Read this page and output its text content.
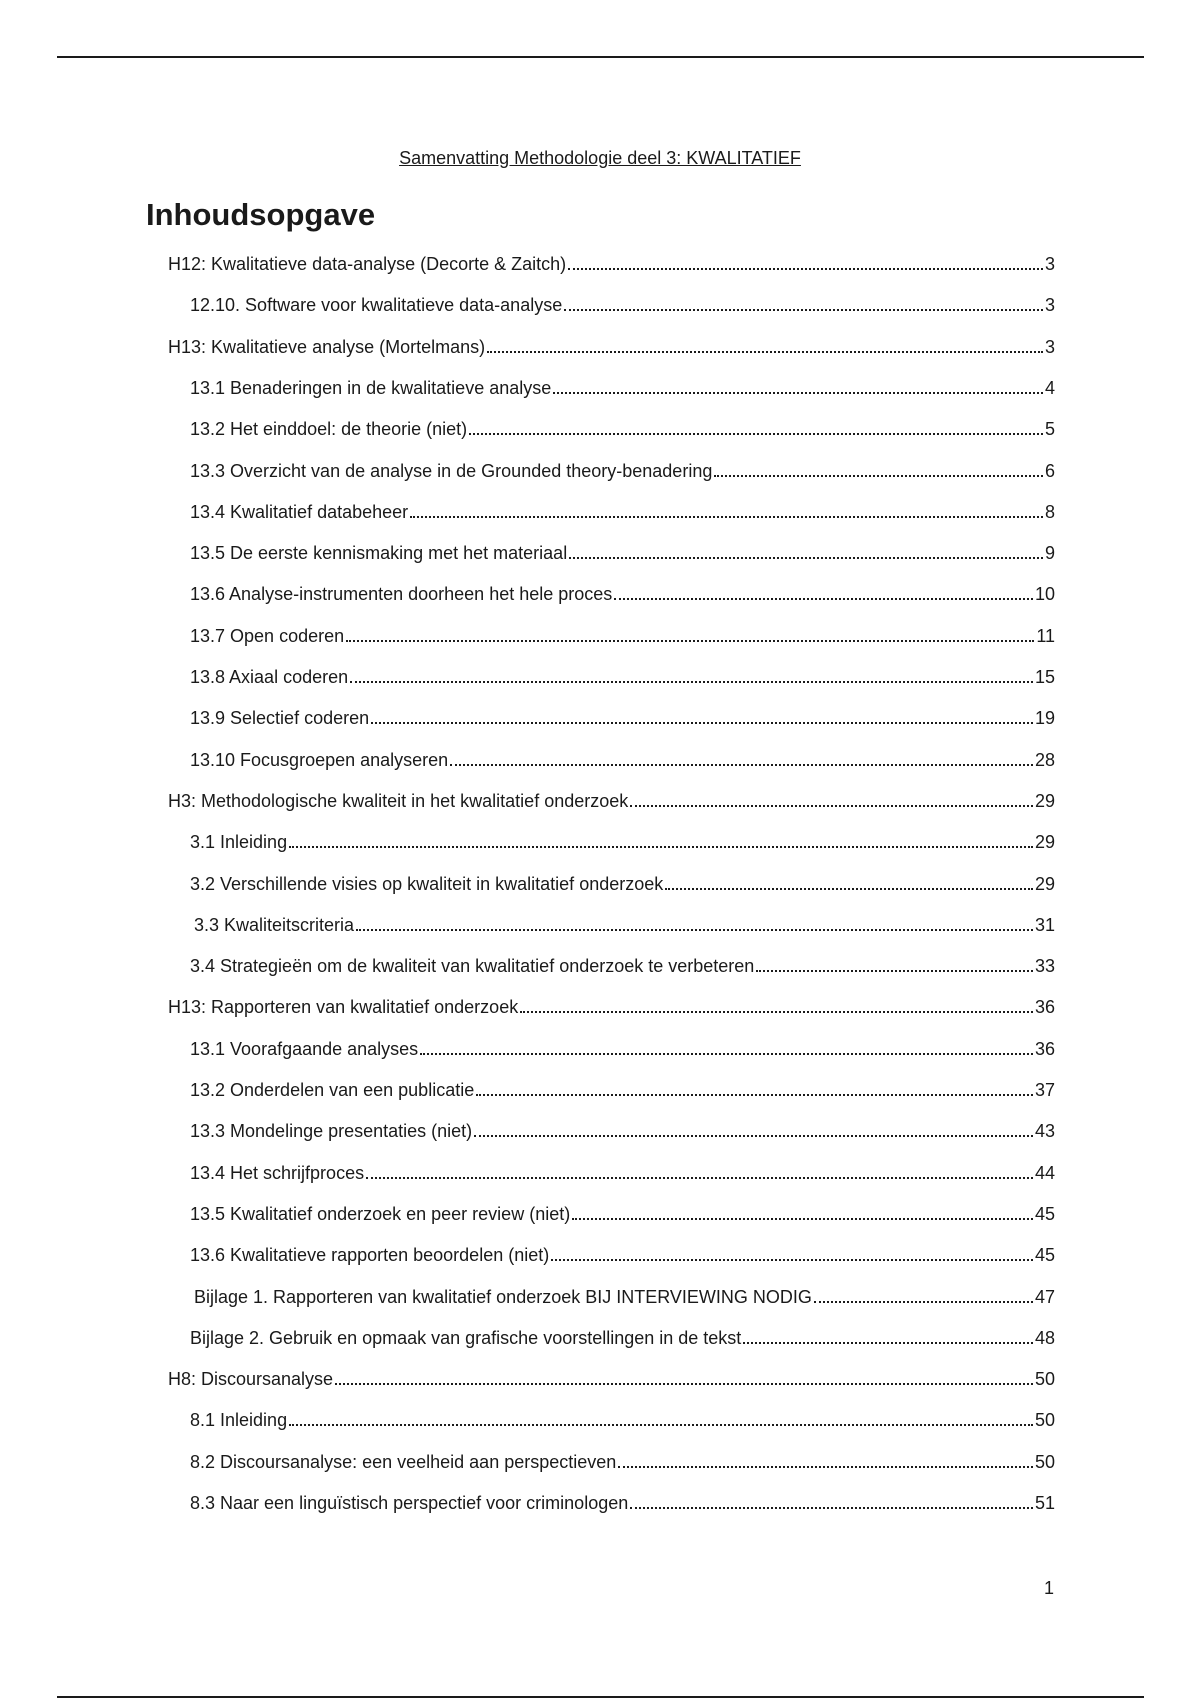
Samenvatting Methodologie deel 3: KWALITATIEF
Inhoudsopgave
H12: Kwalitatieve data-analyse (Decorte & Zaitch)	3
12.10. Software voor kwalitatieve data-analyse	3
H13: Kwalitatieve analyse (Mortelmans)	3
13.1 Benaderingen in de kwalitatieve analyse	4
13.2 Het einddoel: de theorie (niet)	5
13.3 Overzicht van de analyse in de Grounded theory-benadering	6
13.4 Kwalitatief databeheer	8
13.5 De eerste kennismaking met het materiaal	9
13.6 Analyse-instrumenten doorheen het hele proces	10
13.7 Open coderen	11
13.8 Axiaal coderen	15
13.9 Selectief coderen	19
13.10 Focusgroepen analyseren	28
H3: Methodologische kwaliteit in het kwalitatief onderzoek	29
3.1 Inleiding	29
3.2 Verschillende visies op kwaliteit in kwalitatief onderzoek	29
3.3 Kwaliteitscriteria	31
3.4 Strategieën om de kwaliteit van kwalitatief onderzoek te verbeteren	33
H13: Rapporteren van kwalitatief onderzoek	36
13.1 Voorafgaande analyses	36
13.2 Onderdelen van een publicatie	37
13.3 Mondelinge presentaties (niet)	43
13.4 Het schrijfproces	44
13.5 Kwalitatief onderzoek en peer review (niet)	45
13.6 Kwalitatieve rapporten beoordelen (niet)	45
Bijlage 1. Rapporteren van kwalitatief onderzoek BIJ INTERVIEWING NODIG	47
Bijlage 2. Gebruik en opmaak van grafische voorstellingen in de tekst	48
H8: Discoursanalyse	50
8.1 Inleiding	50
8.2 Discoursanalyse: een veelheid aan perspectieven	50
8.3 Naar een linguïstisch perspectief voor criminologen	51
1
